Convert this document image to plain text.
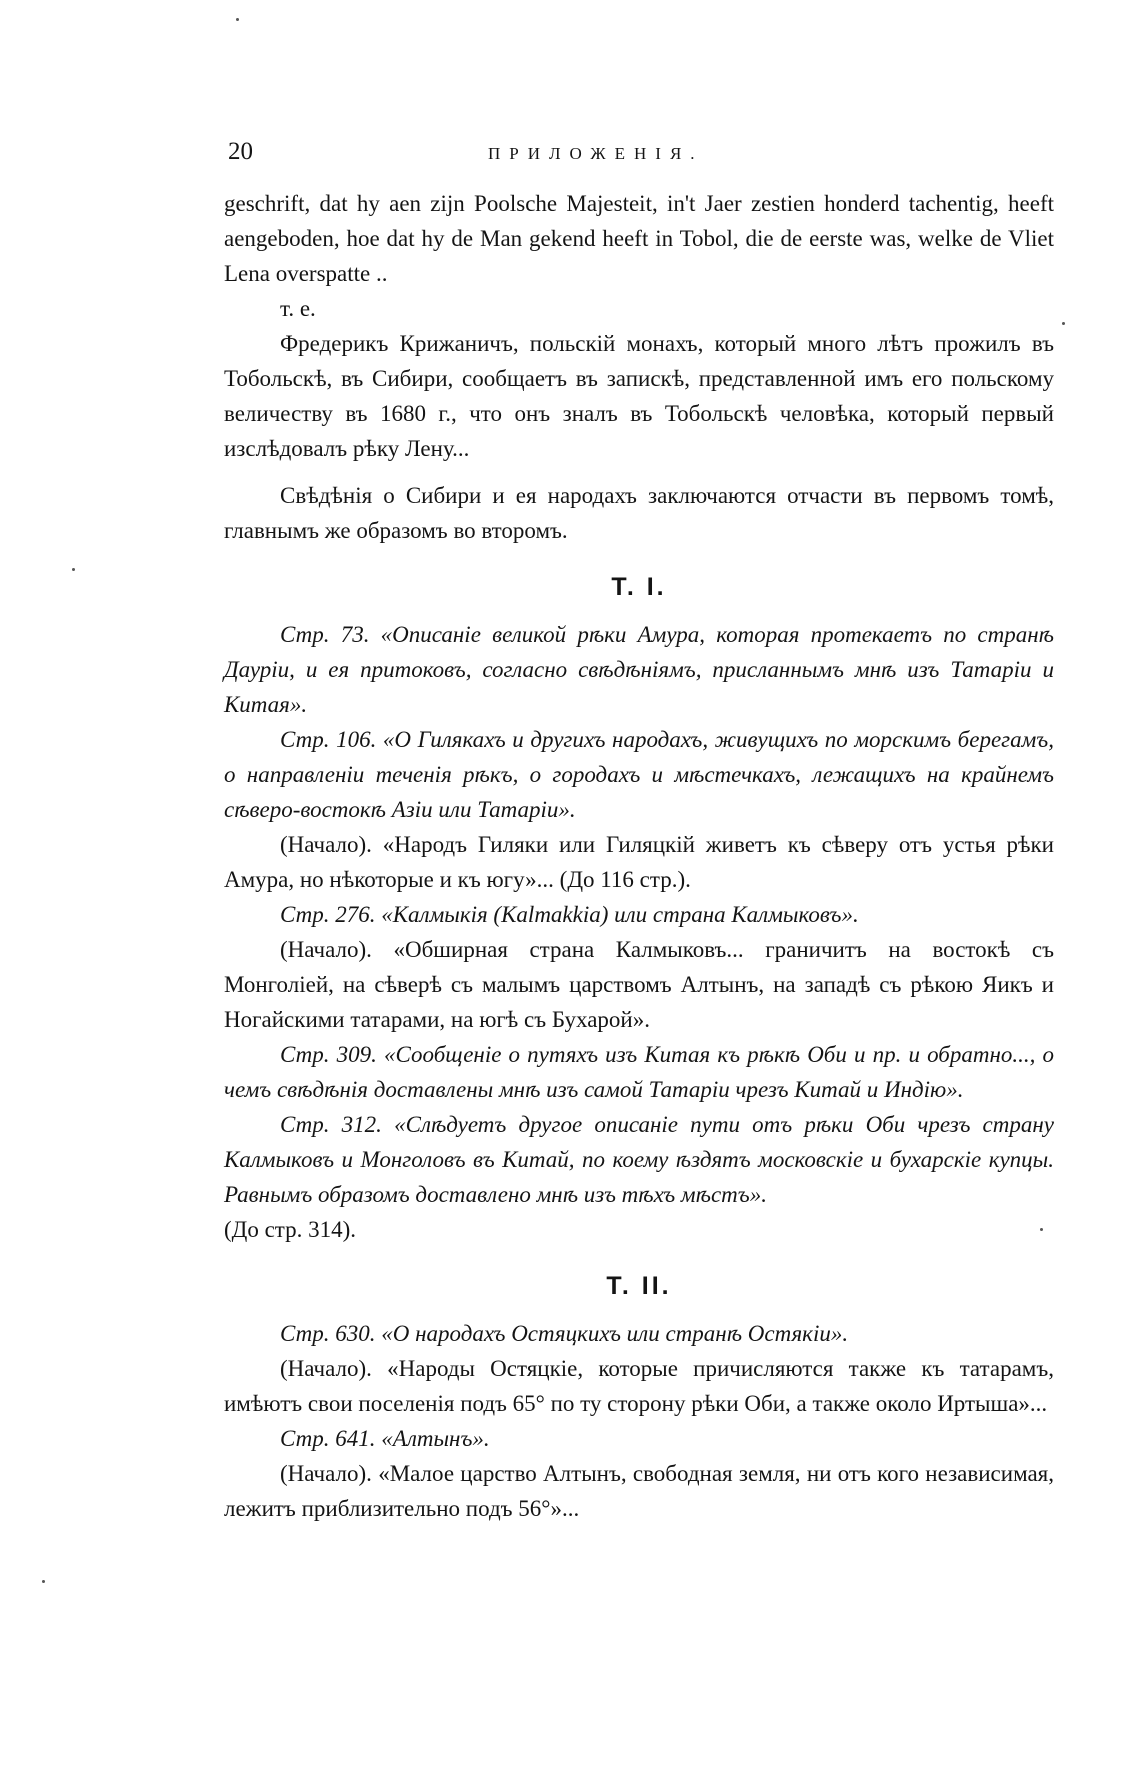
20	ПРИЛОЖЕНІЯ.

geschrift, dat hy aen zijn Poolsche Majesteit, in't Jaer zestien honderd tachentig, heeft aengeboden, hoe dat hy de Man gekend heeft in Tobol, die de eerste was, welke de Vliet Lena overspatte ..

т. е.

Фредерикъ Крижаничъ, польскій монахъ, который много лѣтъ прожилъ въ Тобольскѣ, въ Сибири, сообщаетъ въ запискѣ, представленной имъ его польскому величеству въ 1680 г., что онъ зналъ въ Тобольскѣ человѣка, который первый изслѣдовалъ рѣку Лену...

Свѣдѣнія о Сибири и ея народахъ заключаются отчасти въ первомъ томѣ, главнымъ же образомъ во второмъ.

Т. I.

Стр. 73. «Описаніе великой рѣки Амура, которая протекаетъ по странѣ Дауріи, и ея притоковъ, согласно свѣдѣніямъ, присланнымъ мнѣ изъ Татаріи и Китая».

Стр. 106. «О Гилякахъ и другихъ народахъ, живущихъ по морскимъ берегамъ, о направленіи теченія рѣкъ, о городахъ и мѣстечкахъ, лежащихъ на крайнемъ сѣверо-востокѣ Азіи или Татаріи».

(Начало). «Народъ Гиляки или Гиляцкій живетъ къ сѣверу отъ устья рѣки Амура, но нѣкоторые и къ югу»... (До 116 стр.).

Стр. 276. «Калмыкія (Kalmakkia) или страна Калмыковъ».

(Начало). «Обширная страна Калмыковъ... граничитъ на востокѣ съ Монголіей, на сѣверѣ съ малымъ царствомъ Алтынъ, на западѣ съ рѣкою Яикъ и Ногайскими татарами, на югѣ съ Бухарой».

Стр. 309. «Сообщеніе о путяхъ изъ Китая къ рѣкѣ Оби и пр. и обратно..., о чемъ свѣдѣнія доставлены мнѣ изъ самой Татаріи чрезъ Китай и Индію».

Стр. 312. «Слѣдуетъ другое описаніе пути отъ рѣки Оби чрезъ страну Калмыковъ и Монголовъ въ Китай, по коему ѣздятъ московскіе и бухарскіе купцы. Равнымъ образомъ доставлено мнѣ изъ тѣхъ мѣстъ».

(До стр. 314).

Т. II.

Стр. 630. «О народахъ Остяцкихъ или странѣ Остякіи».

(Начало). «Народы Остяцкіе, которые причисляются также къ татарамъ, имѣютъ свои поселенія подъ 65° по ту сторону рѣки Оби, а также около Иртыша»...

Стр. 641. «Алтынъ».

(Начало). «Малое царство Алтынъ, свободная земля, ни отъ кого независимая, лежитъ приблизительно подъ 56°»...
